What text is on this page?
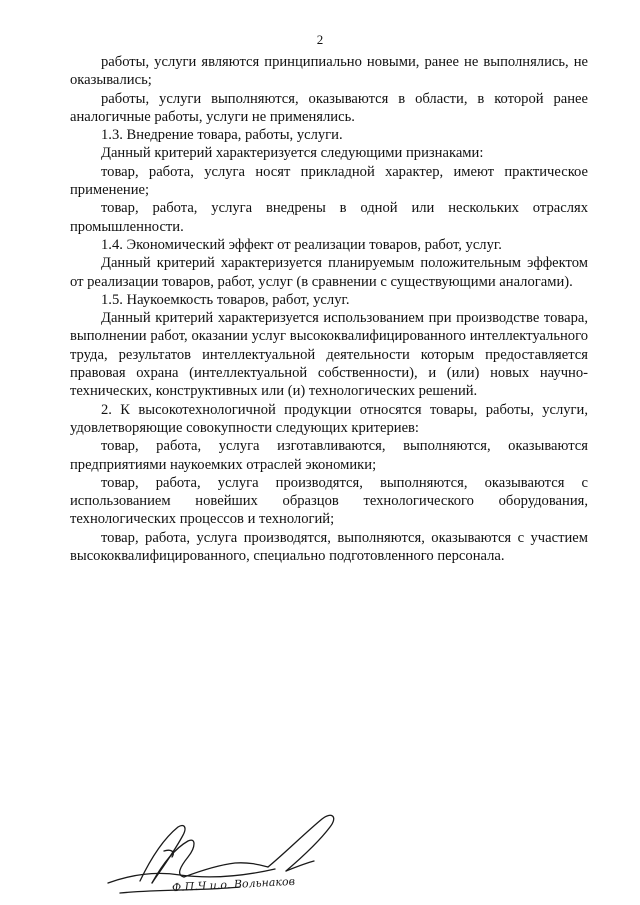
2

работы, услуги являются принципиально новыми, ранее не выполнялись, не оказывались;

работы, услуги выполняются, оказываются в области, в которой ранее аналогичные работы, услуги не применялись.

1.3. Внедрение товара, работы, услуги.

Данный критерий характеризуется следующими признаками:

товар, работа, услуга носят прикладной характер, имеют практическое применение;

товар, работа, услуга внедрены в одной или нескольких отраслях промышленности.

1.4. Экономический эффект от реализации товаров, работ, услуг.

Данный критерий характеризуется планируемым положительным эффектом от реализации товаров, работ, услуг (в сравнении с существующими аналогами).

1.5. Наукоемкость товаров, работ, услуг.

Данный критерий характеризуется использованием при производстве товара, выполнении работ, оказании услуг высококвалифицированного интеллектуального труда, результатов интеллектуальной деятельности которым предоставляется правовая охрана (интеллектуальной собственности), и (или) новых научно-технических, конструктивных или (и) технологических решений.

2. К высокотехнологичной продукции относятся товары, работы, услуги, удовлетворяющие совокупности следующих критериев:

товар, работа, услуга изготавливаются, выполняются, оказываются предприятиями наукоемких отраслей экономики;

товар, работа, услуга производятся, выполняются, оказываются с использованием новейших образцов технологического оборудования, технологических процессов и технологий;

товар, работа, услуга производятся, выполняются, оказываются с участием высококвалифицированного, специально подготовленного персонала.

Ф.П.Ч и.о. Вольнаков
